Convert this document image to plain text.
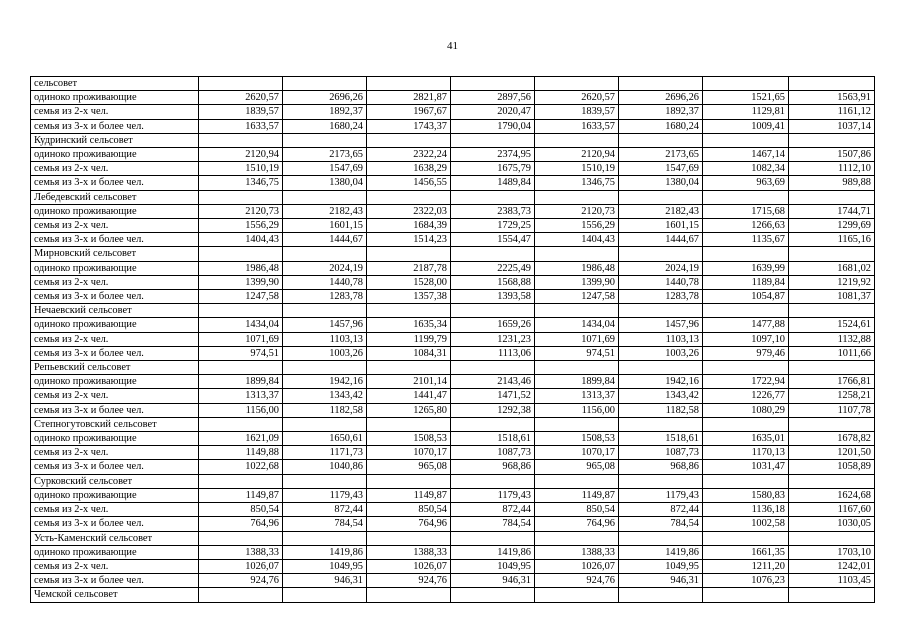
41
сельсовет								
одиноко проживающие	2620,57	2696,26	2821,87	2897,56	2620,57	2696,26	1521,65	1563,91
семья из 2-х чел.	1839,57	1892,37	1967,67	2020,47	1839,57	1892,37	1129,81	1161,12
семья из 3-х и более чел.	1633,57	1680,24	1743,37	1790,04	1633,57	1680,24	1009,41	1037,14
Кудринский сельсовет								
одиноко проживающие	2120,94	2173,65	2322,24	2374,95	2120,94	2173,65	1467,14	1507,86
семья из 2-х чел.	1510,19	1547,69	1638,29	1675,79	1510,19	1547,69	1082,34	1112,10
семья из 3-х и более чел.	1346,75	1380,04	1456,55	1489,84	1346,75	1380,04	963,69	989,88
Лебедевский сельсовет								
одиноко проживающие	2120,73	2182,43	2322,03	2383,73	2120,73	2182,43	1715,68	1744,71
семья из 2-х чел.	1556,29	1601,15	1684,39	1729,25	1556,29	1601,15	1266,63	1299,69
семья из 3-х и более чел.	1404,43	1444,67	1514,23	1554,47	1404,43	1444,67	1135,67	1165,16
Мирновский сельсовет								
одиноко проживающие	1986,48	2024,19	2187,78	2225,49	1986,48	2024,19	1639,99	1681,02
семья из 2-х чел.	1399,90	1440,78	1528,00	1568,88	1399,90	1440,78	1189,84	1219,92
семья из 3-х и более чел.	1247,58	1283,78	1357,38	1393,58	1247,58	1283,78	1054,87	1081,37
Нечаевский сельсовет								
одиноко проживающие	1434,04	1457,96	1635,34	1659,26	1434,04	1457,96	1477,88	1524,61
семья из 2-х чел.	1071,69	1103,13	1199,79	1231,23	1071,69	1103,13	1097,10	1132,88
семья из 3-х и более чел.	974,51	1003,26	1084,31	1113,06	974,51	1003,26	979,46	1011,66
Репьевский сельсовет								
одиноко проживающие	1899,84	1942,16	2101,14	2143,46	1899,84	1942,16	1722,94	1766,81
семья из 2-х чел.	1313,37	1343,42	1441,47	1471,52	1313,37	1343,42	1226,77	1258,21
семья из 3-х и более чел.	1156,00	1182,58	1265,80	1292,38	1156,00	1182,58	1080,29	1107,78
Степногутовский сельсовет								
одиноко проживающие	1621,09	1650,61	1508,53	1518,61	1508,53	1518,61	1635,01	1678,82
семья из 2-х чел.	1149,88	1171,73	1070,17	1087,73	1070,17	1087,73	1170,13	1201,50
семья из 3-х и более чел.	1022,68	1040,86	965,08	968,86	965,08	968,86	1031,47	1058,89
Сурковский сельсовет								
одиноко проживающие	1149,87	1179,43	1149,87	1179,43	1149,87	1179,43	1580,83	1624,68
семья из 2-х чел.	850,54	872,44	850,54	872,44	850,54	872,44	1136,18	1167,60
семья из 3-х и более чел.	764,96	784,54	764,96	784,54	764,96	784,54	1002,58	1030,05
Усть-Каменский сельсовет								
одиноко проживающие	1388,33	1419,86	1388,33	1419,86	1388,33	1419,86	1661,35	1703,10
семья из 2-х чел.	1026,07	1049,95	1026,07	1049,95	1026,07	1049,95	1211,20	1242,01
семья из 3-х и более чел.	924,76	946,31	924,76	946,31	924,76	946,31	1076,23	1103,45
Чемской сельсовет								
